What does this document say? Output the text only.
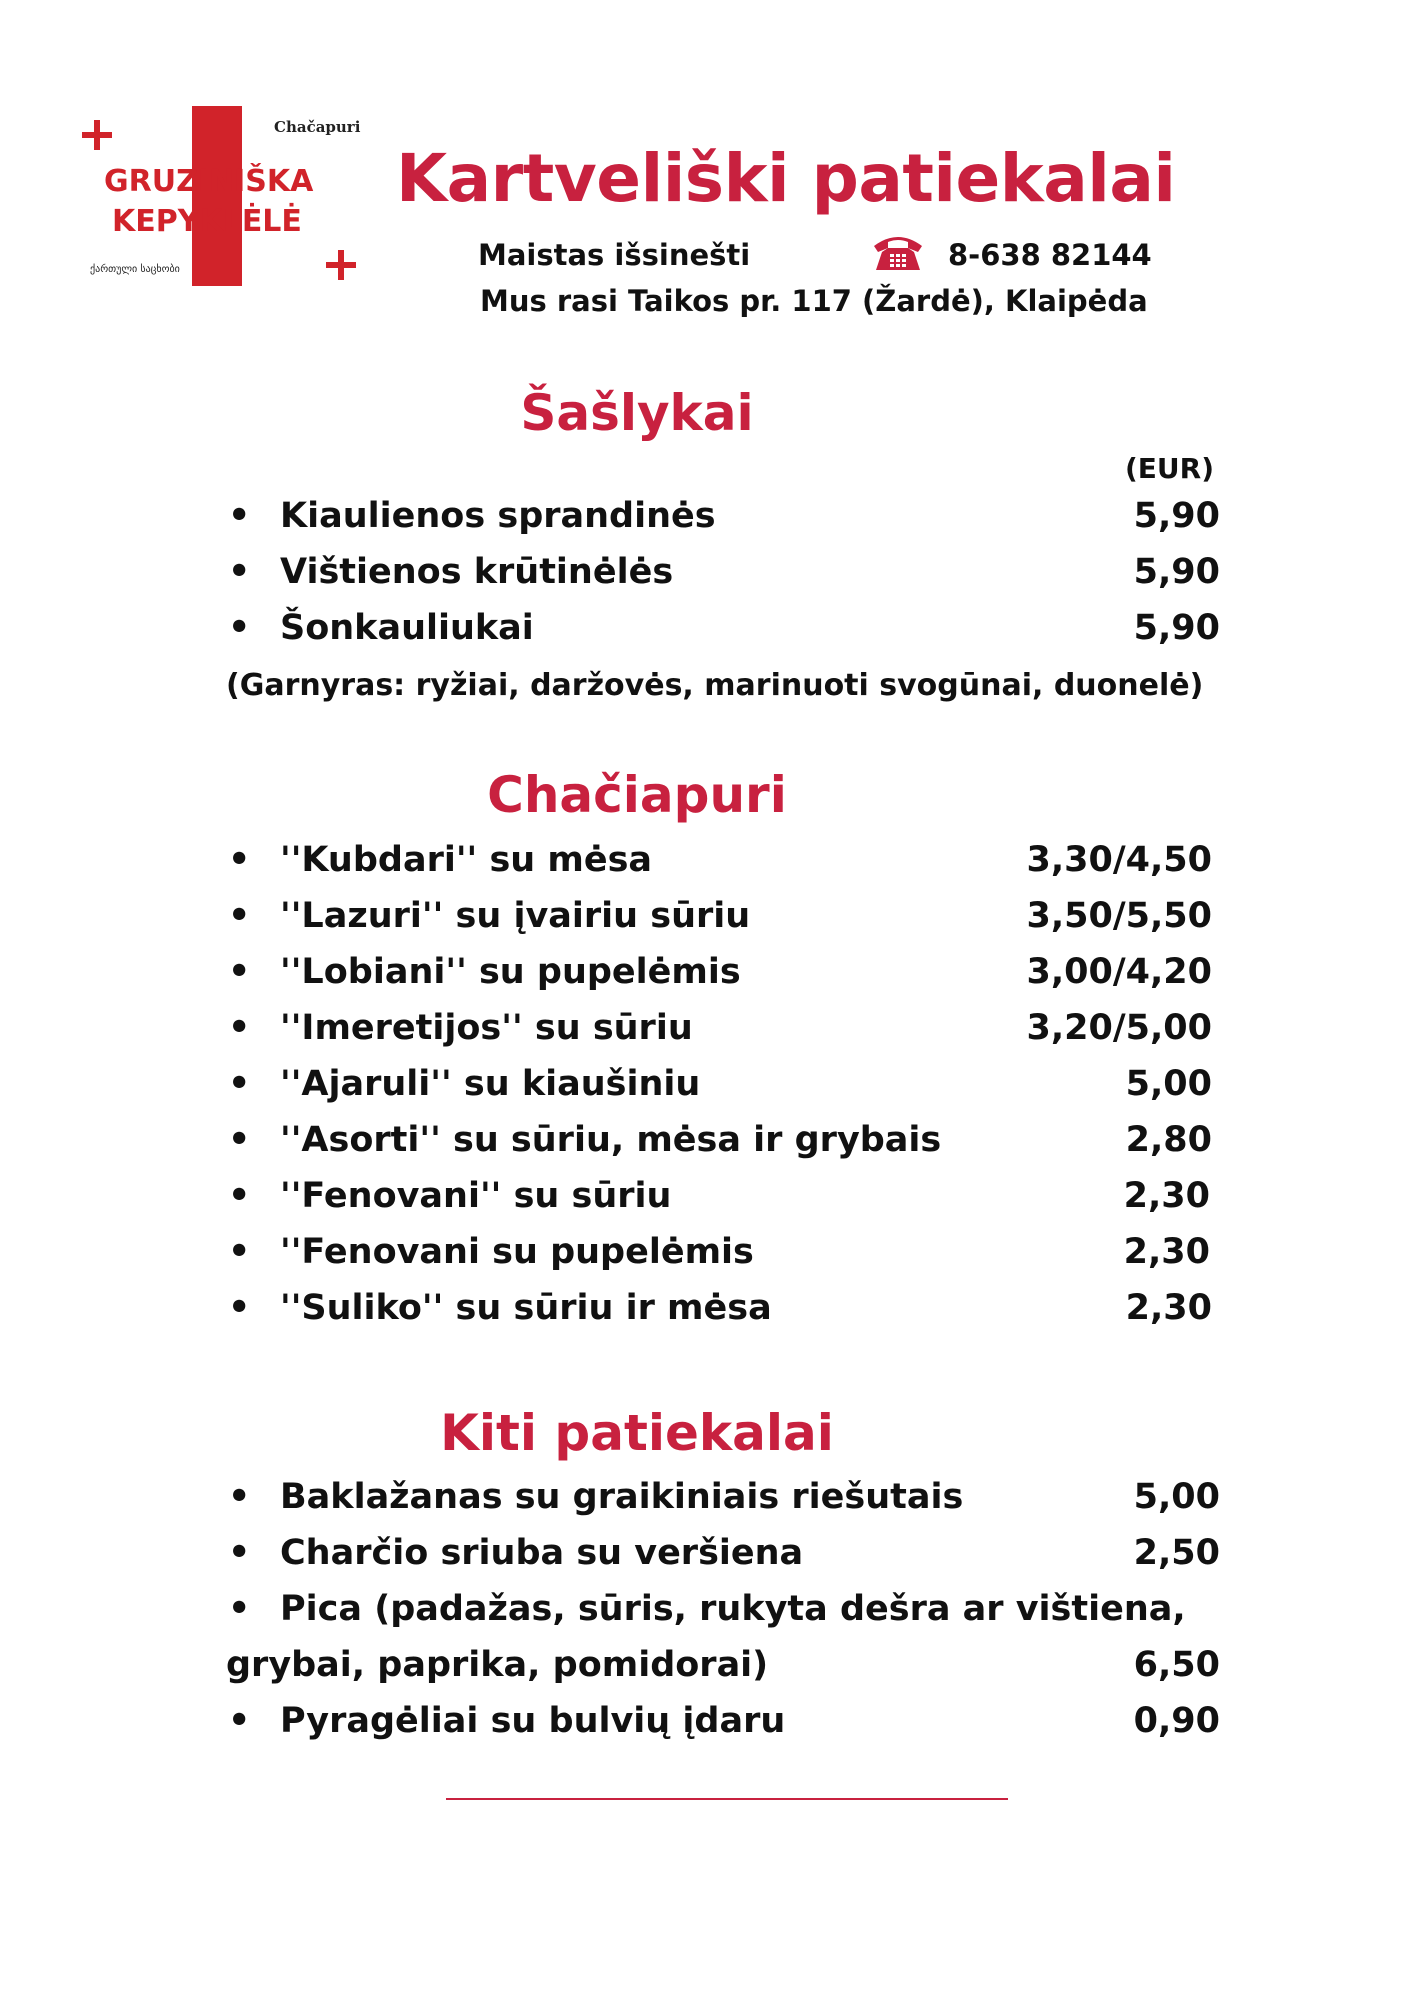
Chačapuri
GRUZINIŠKA
KEPYKLĖLĖ
ქართული საცხობი
Kartveliški patiekalai
Maistas išsinešti	8-638 82144
Mus rasi Taikos pr. 117 (Žardė), Klaipėda
Šašlykai
(EUR)
• Kiaulienos sprandinės	5,90
• Vištienos krūtinėlės	5,90
• Šonkauliukai	5,90
(Garnyras: ryžiai, daržovės, marinuoti svogūnai, duonelė)
Chačiapuri
• ''Kubdari'' su mėsa	3,30/4,50
• ''Lazuri'' su įvairiu sūriu	3,50/5,50
• ''Lobiani'' su pupelėmis	3,00/4,20
• ''Imeretijos'' su sūriu	3,20/5,00
• ''Ajaruli'' su kiaušiniu	5,00
• ''Asorti'' su sūriu, mėsa ir grybais	2,80
• ''Fenovani'' su sūriu	2,30
• ''Fenovani su pupelėmis	2,30
• ''Suliko'' su sūriu ir mėsa	2,30
Kiti patiekalai
• Baklažanas su graikiniais riešutais	5,00
• Charčio sriuba su veršiena	2,50
• Pica (padažas, sūris, rukyta dešra ar vištiena,
grybai, paprika, pomidorai)	6,50
• Pyragėliai su bulvių įdaru	0,90
